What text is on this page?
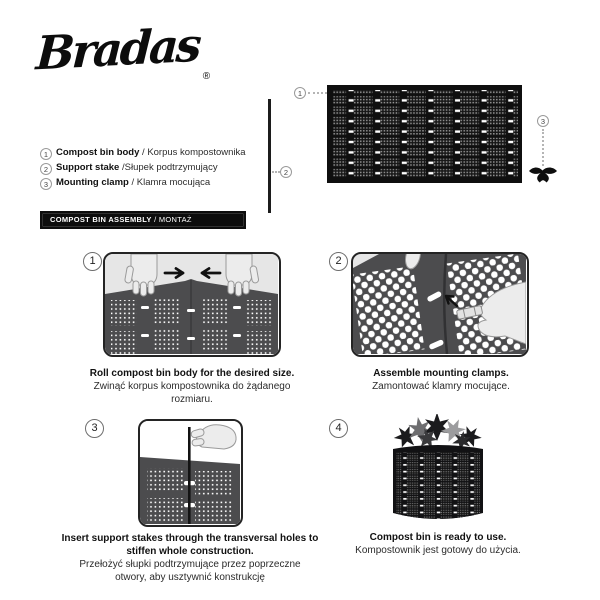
Bradas $_®$
1
2
3
1 Compost bin body / Korpus kompostownika
2 Support stake /Słupek podtrzymujący
3 Mounting clamp / Klamra mocująca
COMPOST BIN ASSEMBLY / MONTAŻ KOMPOSTOWNIKA
1
Roll compost bin body for the desired size.
Zwinąć korpus kompostownika do żądanego rozmiaru.
2
Assemble mounting clamps.
Zamontować klamry mocujące.
3
Insert support stakes through the transversal holes to stiffen whole construction.
Przełożyć słupki podtrzymujące przez poprzeczne otwory, aby usztywnić konstrukcję
4
Compost bin is ready to use.
Kompostownik jest gotowy do użycia.
